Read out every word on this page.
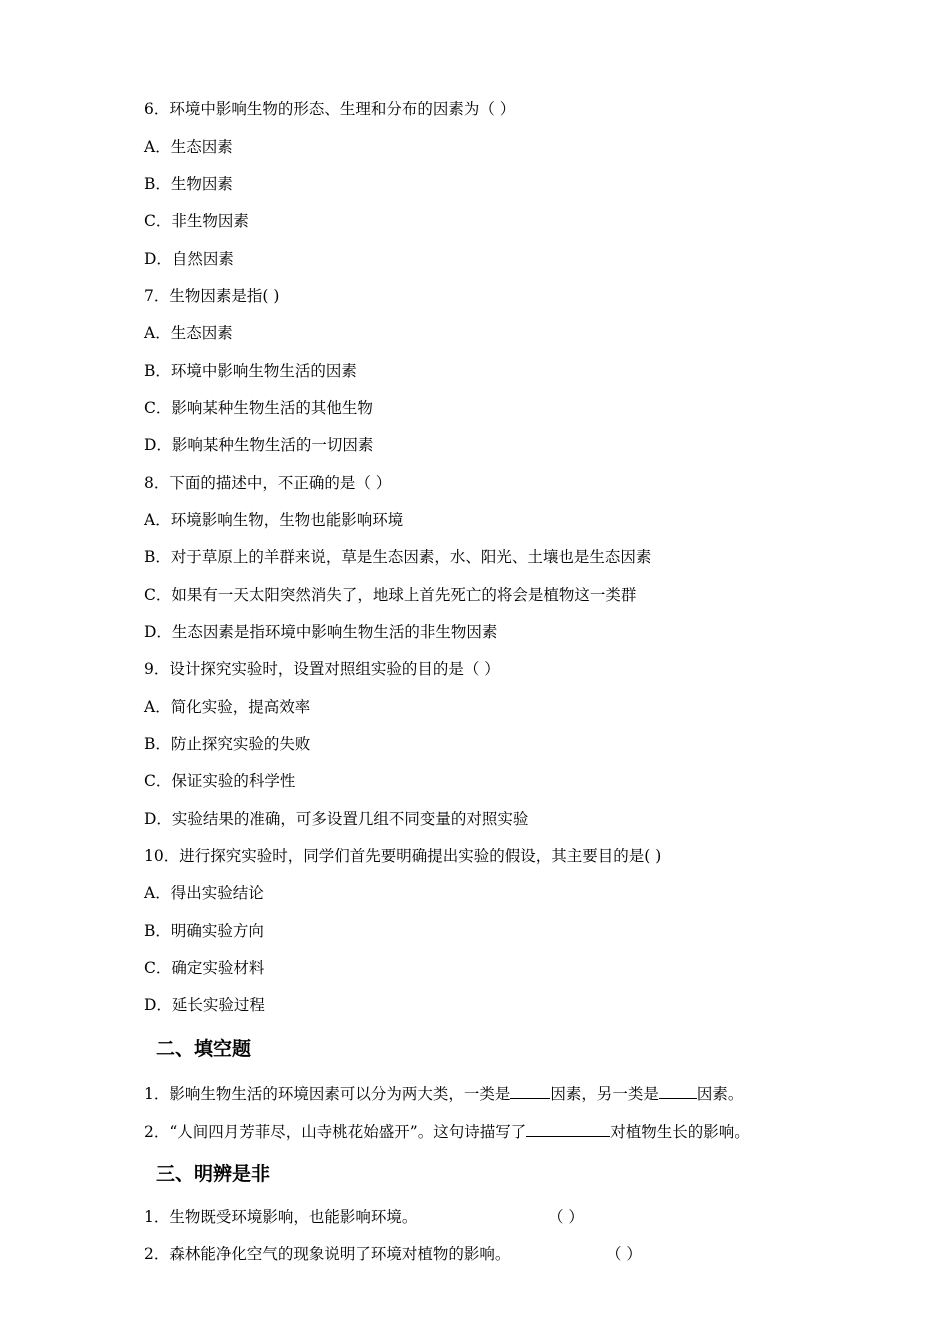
6．环境中影响生物的形态、生理和分布的因素为（ ）
A．生态因素
B．生物因素
C．非生物因素
D．自然因素
7．生物因素是指( )
A．生态因素
B．环境中影响生物生活的因素
C．影响某种生物生活的其他生物
D．影响某种生物生活的一切因素
8．下面的描述中，不正确的是（ ）
A．环境影响生物，生物也能影响环境
B．对于草原上的羊群来说，草是生态因素，水、阳光、土壤也是生态因素
C．如果有一天太阳突然消失了，地球上首先死亡的将会是植物这一类群
D．生态因素是指环境中影响生物生活的非生物因素
9．设计探究实验时，设置对照组实验的目的是（ ）
A．简化实验，提高效率
B．防止探究实验的失败
C．保证实验的科学性
D．实验结果的准确，可多设置几组不同变量的对照实验
10．进行探究实验时，同学们首先要明确提出实验的假设，其主要目的是( )
A．得出实验结论
B．明确实验方向
C．确定实验材料
D．延长实验过程
二、填空题
1．影响生物生活的环境因素可以分为两大类，一类是	因素，另一类是 因素。
2．“人间四月芳菲尽，山寺桃花始盛开”。这句诗描写了	对植物生长的影响。
三、明辨是非
1．生物既受环境影响，也能影响环境。	（ ）
2．森林能净化空气的现象说明了环境对植物的影响。	（ ）
